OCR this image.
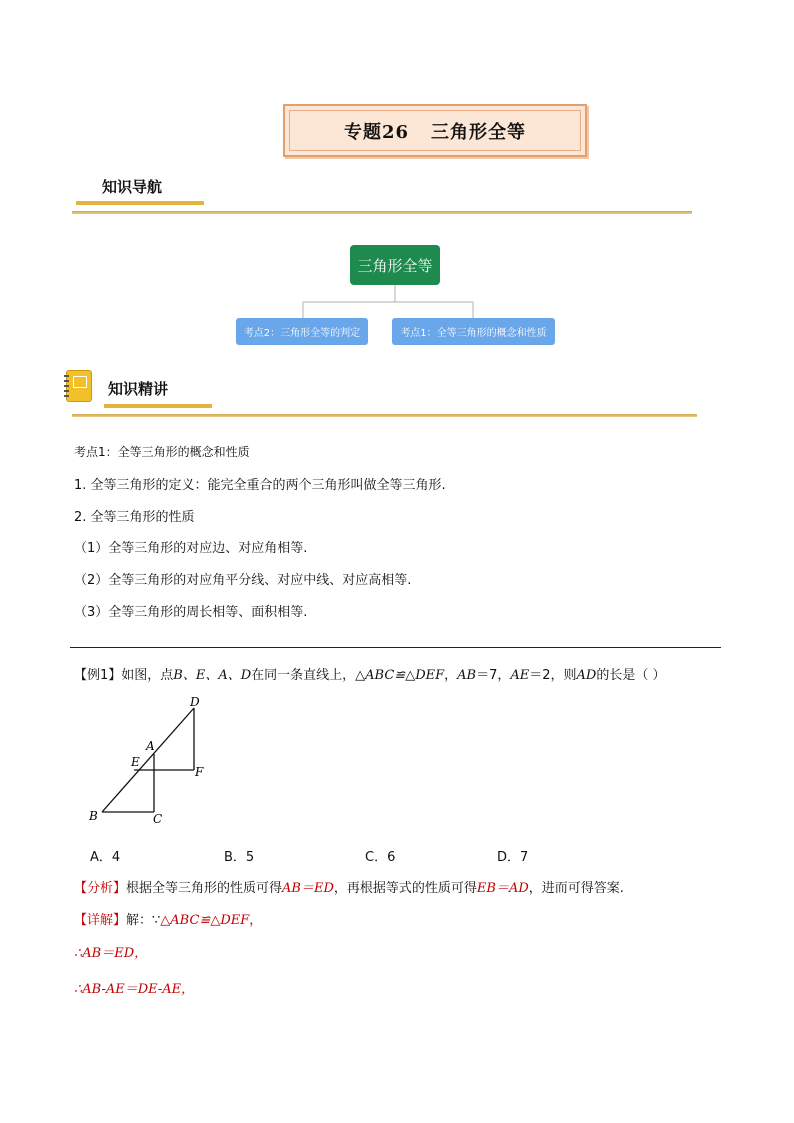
专题26 三角形全等
知识导航
三角形全等
考点2：三角形全等的判定	考点1：全等三角形的概念和性质
知识精讲
考点1：全等三角形的概念和性质
1. 全等三角形的定义：能完全重合的两个三角形叫做全等三角形.
2. 全等三角形的性质
（1）全等三角形的对应边、对应角相等.
（2）全等三角形的对应角平分线、对应中线、对应高相等.
（3）全等三角形的周长相等、面积相等.
【例1】如图，点B、E、A、D在同一条直线上，△ABC≌△DEF，AB＝7，AE＝2，则AD的长是（ ）
D
A
E
F
B	C
A．4	B．5	C．6	D．7
【分析】根据全等三角形的性质可得AB＝ED，再根据等式的性质可得EB＝AD，进而可得答案.
【详解】解：∵△ABC≌△DEF，
∴AB＝ED，
∴AB-AE＝DE-AE，
